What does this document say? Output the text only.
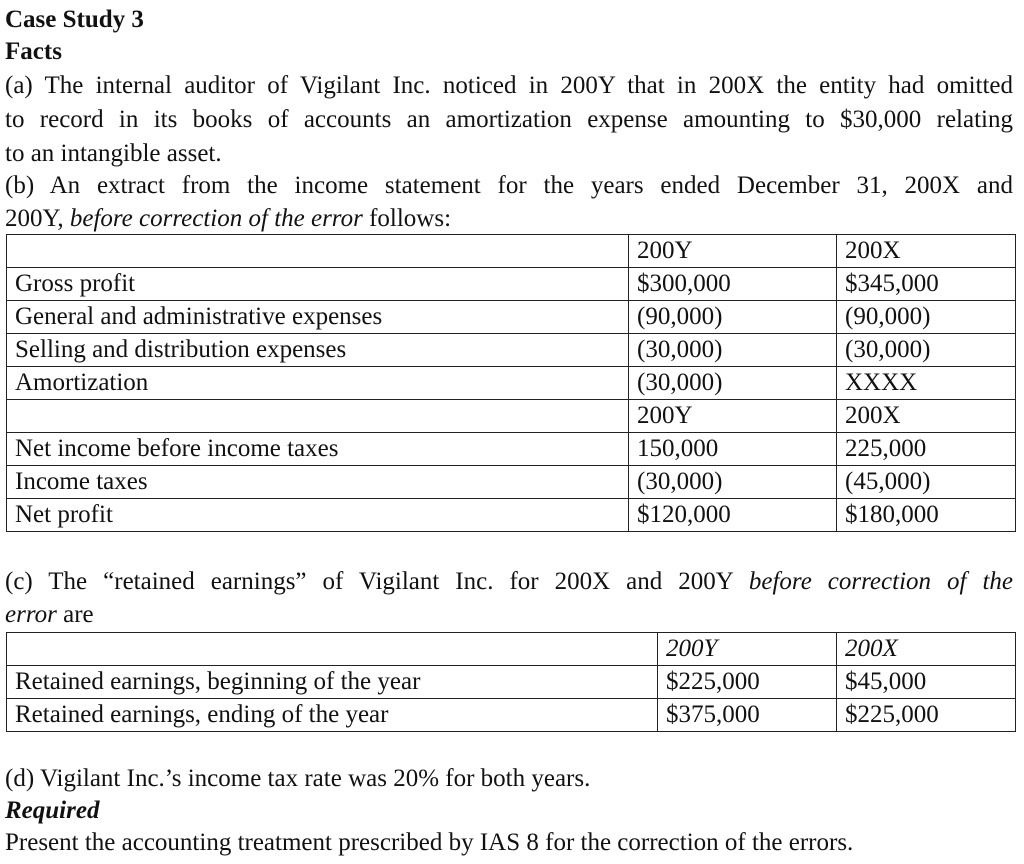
Case Study 3
Facts
(a) The internal auditor of Vigilant Inc. noticed in 200Y that in 200X the entity had omitted
to record in its books of accounts an amortization expense amounting to $30,000 relating
to an intangible asset.
(b) An extract from the income statement for the years ended December 31, 200X and
200Y, before correction of the error follows:
	200Y	200X
Gross profit	$300,000	$345,000
General and administrative expenses	(90,000)	(90,000)
Selling and distribution expenses	(30,000)	(30,000)
Amortization	(30,000)	XXXX
	200Y	200X
Net income before income taxes	150,000	225,000
Income taxes	(30,000)	(45,000)
Net profit	$120,000	$180,000
(c) The “retained earnings” of Vigilant Inc. for 200X and 200Y before correction of the
error are
	200Y	200X
Retained earnings, beginning of the year	$225,000	$45,000
Retained earnings, ending of the year	$375,000	$225,000
(d) Vigilant Inc.’s income tax rate was 20% for both years.
Required
Present the accounting treatment prescribed by IAS 8 for the correction of the errors.
